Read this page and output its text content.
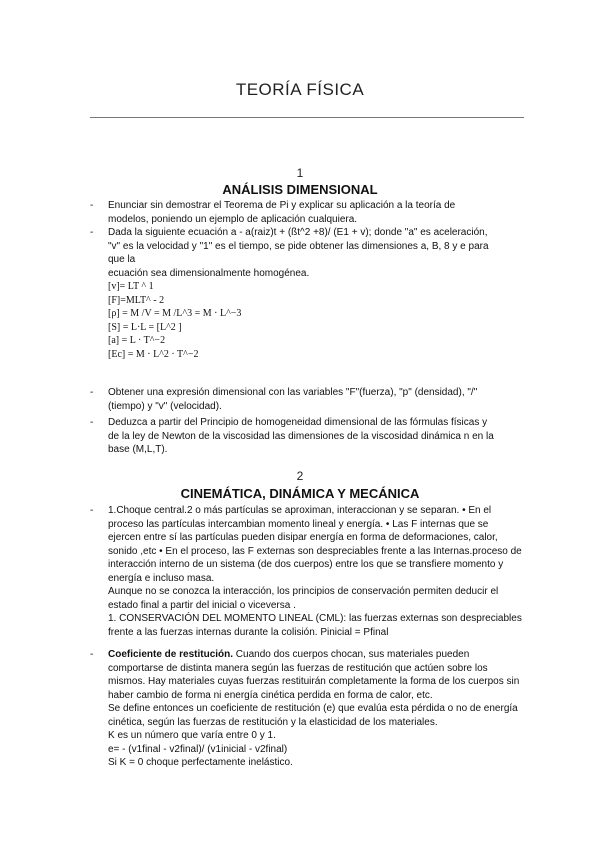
TEORÍA FÍSICA
1
ANÁLISIS DIMENSIONAL
- Enunciar sin demostrar el Teorema de Pi y explicar su aplicación a la teoría de
modelos, poniendo un ejemplo de aplicación cualquiera.
- Dada la siguiente ecuación a - a(raiz)t + (ßt^2 +8)/ (E1 + v); donde "a" es aceleración,
"v" es la velocidad y "1" es el tiempo, se pide obtener las dimensiones a, B, 8 y e para
que la
ecuación sea dimensionalmente homogénea.
[v]= LT ^ 1
[F]=MLT^ - 2
[ρ] = M /V = M /L^3 = M · L^−3
[S] = L·L = [L^2 ]
[a] = L · T^−2
[Ec] = M · L^2 · T^−2
- Obtener una expresión dimensional con las variables "F"(fuerza), "p" (densidad), "/"
(tiempo) y "v" (velocidad).
- Deduzca a partir del Principio de homogeneidad dimensional de las fórmulas físicas y
de la ley de Newton de la viscosidad las dimensiones de la viscosidad dinámica n en la
base (M,L,T).
2
CINEMÁTICA, DINÁMICA Y MECÁNICA
- 1.Choque central.2 o más partículas se aproximan, interaccionan y se separan. • En el
proceso las partículas intercambian momento lineal y energía. • Las F internas que se
ejercen entre sí las partículas pueden disipar energía en forma de deformaciones, calor,
sonido ,etc • En el proceso, las F externas son despreciables frente a las Internas.proceso de
interacción interno de un sistema (de dos cuerpos) entre los que se transfiere momento y
energía e incluso masa.
Aunque no se conozca la interacción, los principios de conservación permiten deducir el
estado final a partir del inicial o viceversa .
1. CONSERVACIÓN DEL MOMENTO LINEAL (CML): las fuerzas externas son despreciables
frente a las fuerzas internas durante la colisión. Pinicial = Pfinal
- Coeficiente de restitución. Cuando dos cuerpos chocan, sus materiales pueden
comportarse de distinta manera según las fuerzas de restitución que actúen sobre los
mismos. Hay materiales cuyas fuerzas restituirán completamente la forma de los cuerpos sin
haber cambio de forma ni energía cinética perdida en forma de calor, etc.
Se define entonces un coeficiente de restitución (e) que evalúa esta pérdida o no de energía
cinética, según las fuerzas de restitución y la elasticidad de los materiales.
K es un número que varía entre 0 y 1.
e= - (v1final - v2final)/ (v1inicial - v2final)
Si K = 0 choque perfectamente inelástico.
